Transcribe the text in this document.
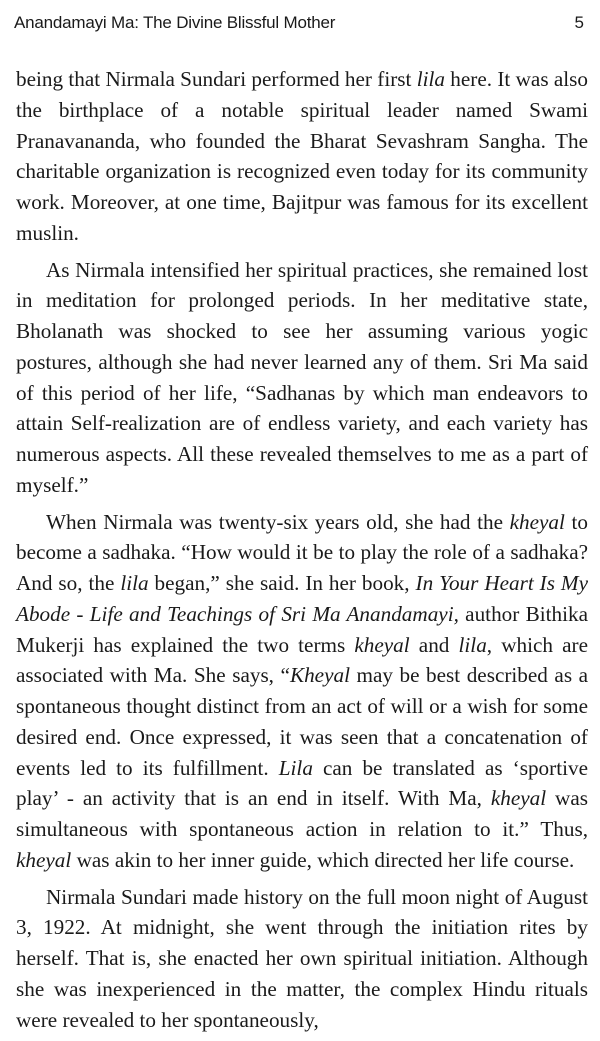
Anandamayi Ma: The Divine Blissful Mother	5

being that Nirmala Sundari performed her first lila here. It was also the birthplace of a notable spiritual leader named Swami Pranavananda, who founded the Bharat Sevashram Sangha. The charitable organization is recognized even today for its community work. Moreover, at one time, Bajitpur was famous for its excellent muslin.

As Nirmala intensified her spiritual practices, she remained lost in meditation for prolonged periods. In her meditative state, Bholanath was shocked to see her assuming various yogic postures, although she had never learned any of them. Sri Ma said of this period of her life, “Sadhanas by which man endeavors to attain Self-realization are of endless variety, and each variety has numerous aspects. All these revealed themselves to me as a part of myself.”

When Nirmala was twenty-six years old, she had the kheyal to become a sadhaka. “How would it be to play the role of a sadhaka? And so, the lila began,” she said. In her book, In Your Heart Is My Abode - Life and Teachings of Sri Ma Anandamayi, author Bithika Mukerji has explained the two terms kheyal and lila, which are associated with Ma. She says, “Kheyal may be best described as a spontaneous thought distinct from an act of will or a wish for some desired end. Once expressed, it was seen that a concatenation of events led to its fulfillment. Lila can be translated as ‘sportive play’ - an activity that is an end in itself. With Ma, kheyal was simultaneous with spontaneous action in relation to it.” Thus, kheyal was akin to her inner guide, which directed her life course.

Nirmala Sundari made history on the full moon night of August 3, 1922. At midnight, she went through the initiation rites by herself. That is, she enacted her own spiritual initiation. Although she was inexperienced in the matter, the complex Hindu rituals were revealed to her spontaneously,
